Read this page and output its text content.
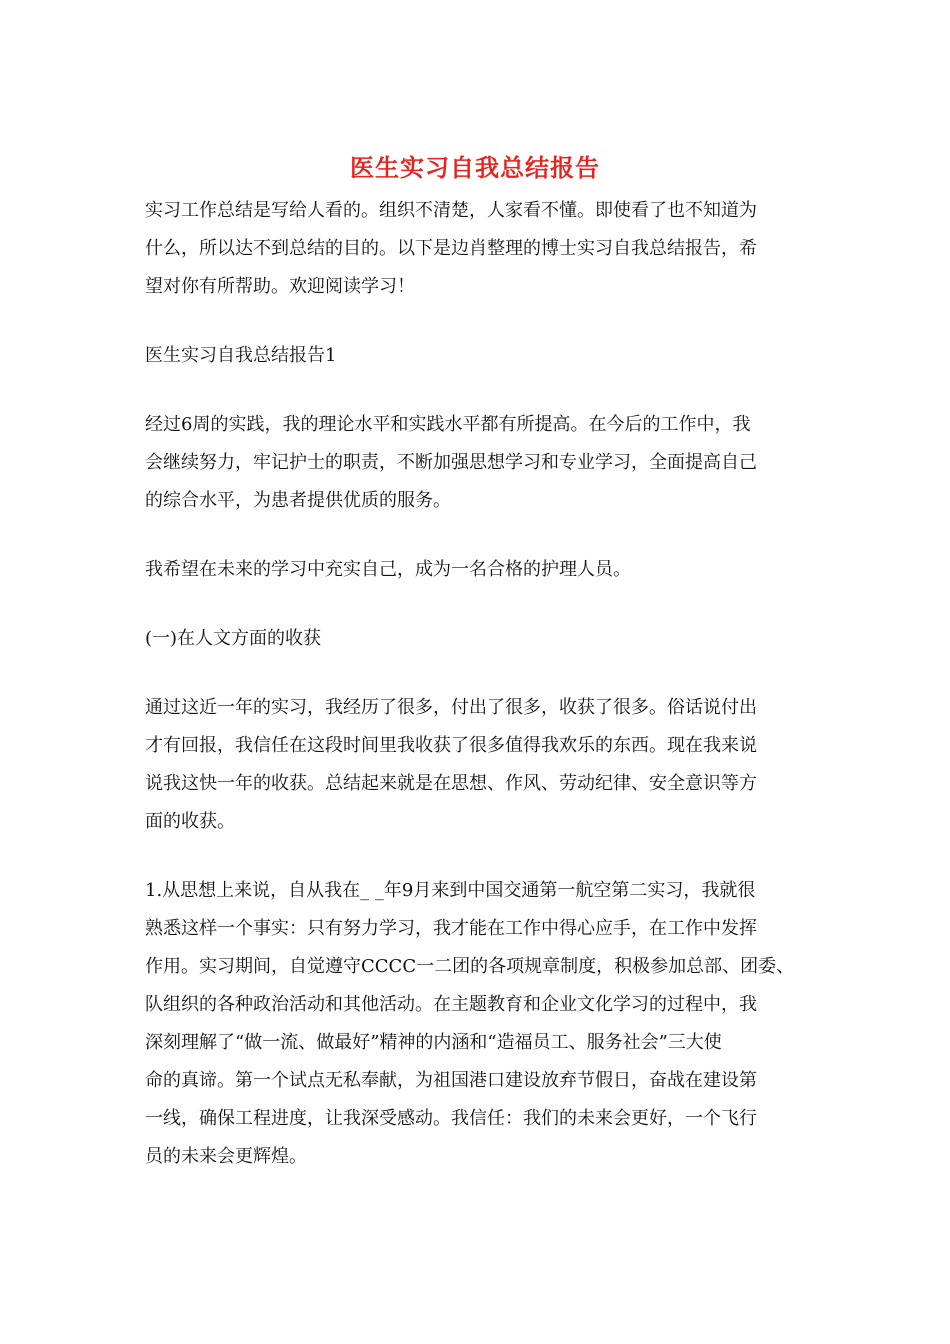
医生实习自我总结报告

实习工作总结是写给人看的。组织不清楚，人家看不懂。即使看了也不知道为
什么，所以达不到总结的目的。以下是边肖整理的博士实习自我总结报告，希
望对你有所帮助。欢迎阅读学习！

医生实习自我总结报告1

经过6周的实践，我的理论水平和实践水平都有所提高。在今后的工作中，我
会继续努力，牢记护士的职责，不断加强思想学习和专业学习，全面提高自己
的综合水平，为患者提供优质的服务。

我希望在未来的学习中充实自己，成为一名合格的护理人员。

(一)在人文方面的收获

通过这近一年的实习，我经历了很多，付出了很多，收获了很多。俗话说付出
才有回报，我信任在这段时间里我收获了很多值得我欢乐的东西。现在我来说
说我这快一年的收获。总结起来就是在思想、作风、劳动纪律、安全意识等方
面的收获。

1.从思想上来说，自从我在_ _年9月来到中国交通第一航空第二实习，我就很
熟悉这样一个事实：只有努力学习，我才能在工作中得心应手，在工作中发挥
作用。实习期间，自觉遵守CCCC一二团的各项规章制度，积极参加总部、团委、
队组织的各种政治活动和其他活动。在主题教育和企业文化学习的过程中，我
深刻理解了“做一流、做最好”精神的内涵和“造福员工、服务社会”三大使
命的真谛。第一个试点无私奉献，为祖国港口建设放弃节假日，奋战在建设第
一线，确保工程进度，让我深受感动。我信任：我们的未来会更好，一个飞行
员的未来会更辉煌。
